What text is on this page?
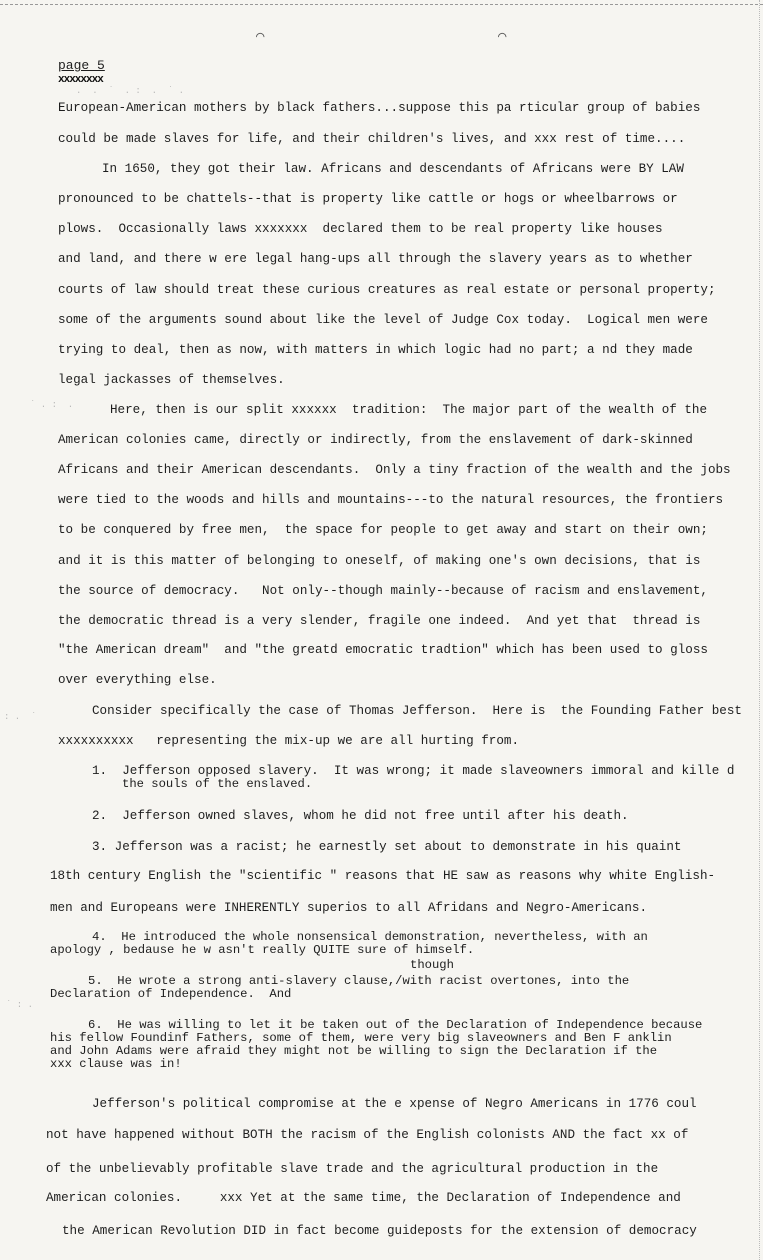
⌒	⌒
.  .  ˙  . :  .  ˙ .
˙ . :  .
: .  ˙
˙ : .
page 5
xxxxxxxx
European-American mothers by black fathers...suppose this pa rticular group of babies
could be made slaves for life, and their children's lives, and xxx rest of time....
In 1650, they got their law. Africans and descendants of Africans were BY LAW
pronounced to be chattels--that is property like cattle or hogs or wheelbarrows or
plows.  Occasionally laws xxxxxxx  declared them to be real property like houses
and land, and there w ere legal hang-ups all through the slavery years as to whether
courts of law should treat these curious creatures as real estate or personal property;
some of the arguments sound about like the level of Judge Cox today.  Logical men were
trying to deal, then as now, with matters in which logic had no part; a nd they made
legal jackasses of themselves.
Here, then is our split xxxxxx  tradition:  The major part of the wealth of the
American colonies came, directly or indirectly, from the enslavement of dark-skinned
Africans and their American descendants.  Only a tiny fraction of the wealth and the jobs
were tied to the woods and hills and mountains---to the natural resources, the frontiers
to be conquered by free men,  the space for people to get away and start on their own;
and it is this matter of belonging to oneself, of making one's own decisions, that is
the source of democracy.   Not only--though mainly--because of racism and enslavement,
the democratic thread is a very slender, fragile one indeed.  And yet that  thread is
"the American dream"  and "the greatd emocratic tradtion" which has been used to gloss
over everything else.
Consider specifically the case of Thomas Jefferson.  Here is  the Founding Father best
xxxxxxxxxx   representing the mix-up we are all hurting from.
1.  Jefferson opposed slavery.  It was wrong; it made slaveowners immoral and kille d
the souls of the enslaved.
2.  Jefferson owned slaves, whom he did not free until after his death.
3. Jefferson was a racist; he earnestly set about to demonstrate in his quaint
18th century English the "scientific " reasons that HE saw as reasons why white English-
men and Europeans were INHERENTLY superios to all Afridans and Negro-Americans.
4.  He introduced the whole nonsensical demonstration, nevertheless, with an
apology , bedause he w asn't really QUITE sure of himself.
though
5.  He wrote a strong anti-slavery clause,/with racist overtones, into the
Declaration of Independence.  And
6.  He was willing to let it be taken out of the Declaration of Independence because
his fellow Foundinf Fathers, some of them, were very big slaveowners and Ben F anklin
and John Adams were afraid they might not be willing to sign the Declaration if the
xxx clause was in!
Jefferson's political compromise at the e xpense of Negro Americans in 1776 coul
not have happened without BOTH the racism of the English colonists AND the fact xx of
of the unbelievably profitable slave trade and the agricultural production in the
American colonies.     xxx Yet at the same time, the Declaration of Independence and
the American Revolution DID in fact become guideposts for the extension of democracy
